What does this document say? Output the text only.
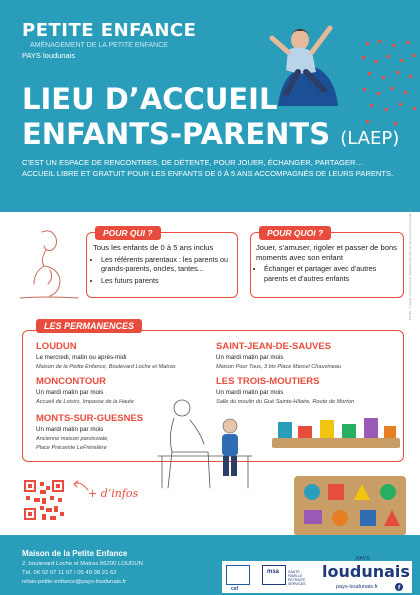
PETITE ENFANCE
AMÉNAGEMENT DE LA PETITE ENFANCE
PAYS loudunais
LIEU D’ACCUEIL
ENFANTS-PARENTS (LAEP)
C’EST UN ESPACE DE RENCONTRES, DE DÉTENTE, POUR JOUER, ÉCHANGER, PARTAGER…
ACCUEIL LIBRE ET GRATUIT POUR LES ENFANTS DE 0 À 5 ANS ACCOMPAGNÉS DE LEURS PARENTS.
POUR QUI ?
Tous les enfants de 0 à 5 ans inclus
• Les référents parentaux : les parents ou grands-parents, oncles, tantes...
• Les futurs parents
POUR QUOI ?
Jouer, s’amuser, rigoler et passer de bons moments avec son enfant
• Échanger et partager avec d’autres parents et d’autres enfants
LES PERMANENCES
LOUDUN
Le mercredi, matin ou après-midi
Maison de la Petite Enfance, Boulevard Loche et Matras
MONCONTOUR
Un mardi matin par mois
Accueil de Loisirs, Impasse de la Haute
MONTS-SUR-GUESNES
Un mardi matin par mois
Ancienne maison paroissiale,
Place Préceinte LeFrérelière
SAINT-JEAN-DE-SAUVES
Un mardi matin par mois
Maison Pour Tous, 3 bis Place Marcel Chauvineau
LES TROIS-MOUTIERS
Un mardi matin par mois
Salle du moulin du Gué Sainte-Hilaire, Route de Morton
+ d’infos
Maison de la Petite Enfance
2, boulevard Loche et Matras 86200 LOUDUN
Tél. 06 02 07 11 07 / 05 49 98 21 62
relais-petite-enfance@pays-loudunais.fr
caf
msa	SANTÉ FAMILLE RETRAITE SERVICES
PAYS
loudunais
pays-loudunais.fr
Crédits : Freepik - Conception et réalisation Service communication Pays Loudunais
